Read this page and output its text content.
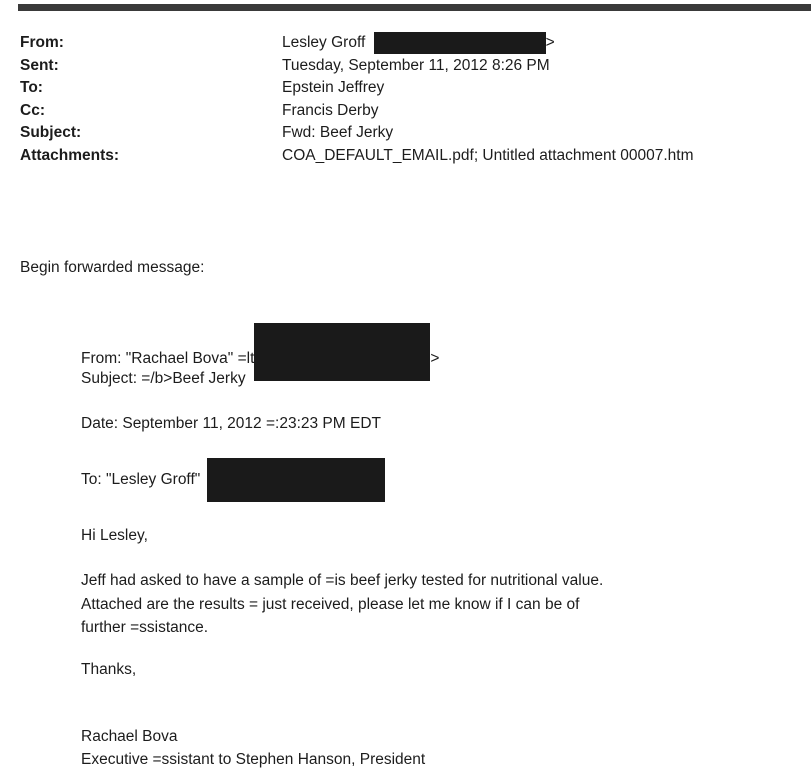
From:	Lesley Groff	>
Sent:	Tuesday, September 11, 2012 8:26 PM
To:	Epstein Jeffrey
Cc:	Francis Derby
Subject:	Fwd: Beef Jerky
Attachments:	COA_DEFAULT_EMAIL.pdf; Untitled attachment 00007.htm
Begin forwarded message:
From: "Rachael Bova" =lt	>
Subject: =/b>Beef Jerky
Date: September 11, 2012 =:23:23 PM EDT
To: "Lesley Groff"
Hi Lesley,
Jeff had asked to have a sample of =is beef jerky tested for nutritional value. Attached are the results = just received, please let me know if I can be of further =ssistance.
Thanks,
Rachael Bova
Executive =ssistant to Stephen Hanson, President
